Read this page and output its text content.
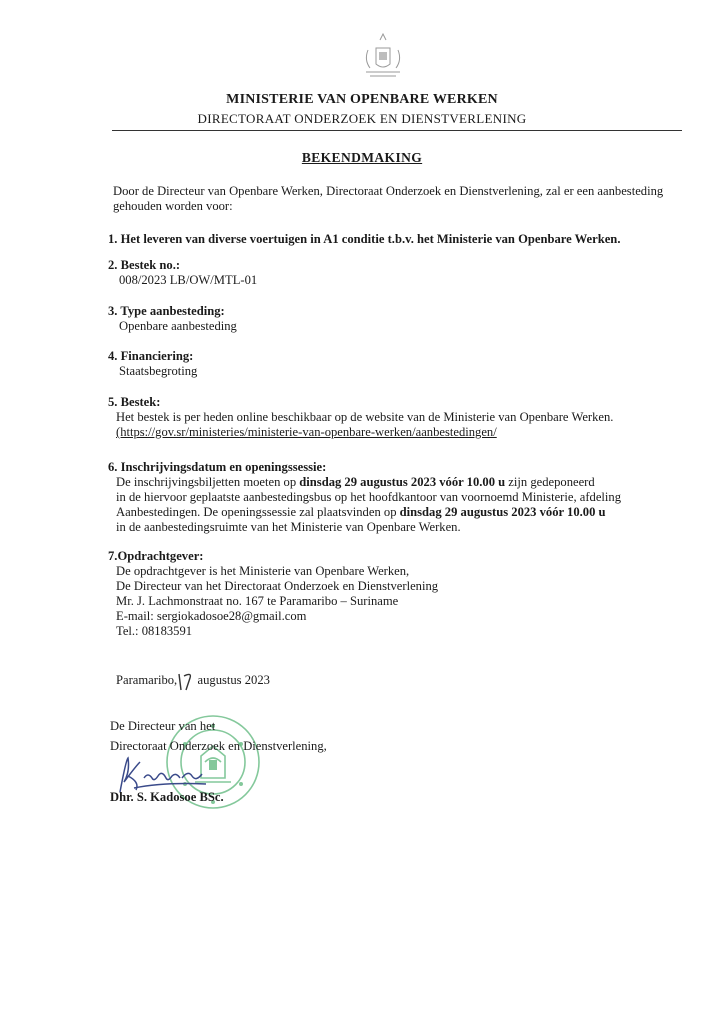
MINISTERIE VAN OPENBARE WERKEN
DIRECTORAAT ONDERZOEK EN DIENSTVERLENING
BEKENDMAKING
Door de Directeur van Openbare Werken, Directoraat Onderzoek en Dienstverlening, zal er een aanbesteding gehouden worden voor:
1. Het leveren van diverse voertuigen in A1 conditie t.b.v. het Ministerie van Openbare Werken.
2. Bestek no.:
008/2023 LB/OW/MTL-01
3. Type aanbesteding:
Openbare aanbesteding
4. Financiering:
Staatsbegroting
5. Bestek:
Het bestek is per heden online beschikbaar op de website van de Ministerie van Openbare Werken.
(https://gov.sr/ministeries/ministerie-van-openbare-werken/aanbestedingen/
6. Inschrijvingsdatum en openingssessie:
De inschrijvingsbiljetten moeten op dinsdag 29 augustus 2023 vóór 10.00 u zijn gedeponeerd
in de hiervoor geplaatste aanbestedingsbus op het hoofdkantoor van voornoemd Ministerie, afdeling
Aanbestedingen. De openingssessie zal plaatsvinden op dinsdag 29 augustus 2023 vóór 10.00 u
in de aanbestedingsruimte van het Ministerie van Openbare Werken.
7.Opdrachtgever:
De opdrachtgever is het Ministerie van Openbare Werken,
De Directeur van het Directoraat Onderzoek en Dienstverlening
Mr. J. Lachmonstraat no. 167 te Paramaribo – Suriname
E-mail: sergiokadosoe28@gmail.com
Tel.: 08183591
Paramaribo,  augustus 2023
De Directeur van het
Directoraat Onderzoek en Dienstverlening,
Dhr. S. Kadosoe BSc.
